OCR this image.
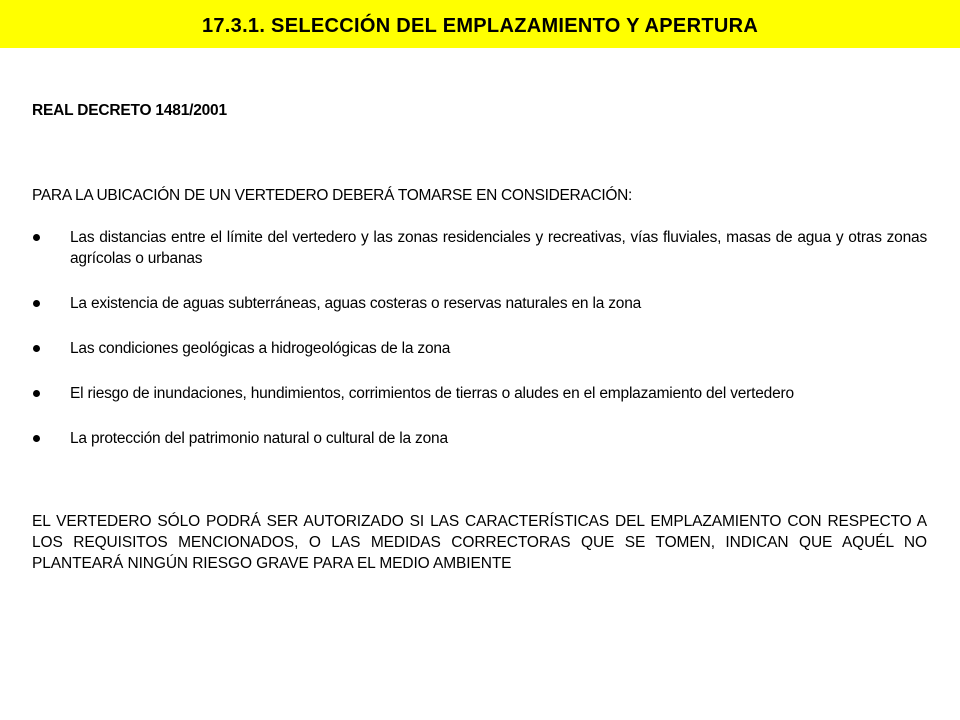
17.3.1. SELECCIÓN DEL EMPLAZAMIENTO Y APERTURA

REAL DECRETO 1481/2001

PARA LA UBICACIÓN DE UN VERTEDERO DEBERÁ TOMARSE EN CONSIDERACIÓN:

Las distancias entre el límite del vertedero y las zonas residenciales y recreativas, vías fluviales, masas de agua y otras zonas agrícolas o urbanas
La existencia de aguas subterráneas, aguas costeras o reservas naturales en la zona
Las condiciones geológicas a hidrogeológicas de la zona
El riesgo de inundaciones, hundimientos, corrimientos de tierras o aludes en el emplazamiento del vertedero
La protección del patrimonio natural o cultural de la zona

EL VERTEDERO SÓLO PODRÁ SER AUTORIZADO SI LAS CARACTERÍSTICAS DEL EMPLAZAMIENTO CON RESPECTO A LOS REQUISITOS MENCIONADOS, O LAS MEDIDAS CORRECTORAS QUE SE TOMEN, INDICAN QUE AQUÉL NO PLANTEARÁ NINGÚN RIESGO GRAVE PARA EL MEDIO AMBIENTE
